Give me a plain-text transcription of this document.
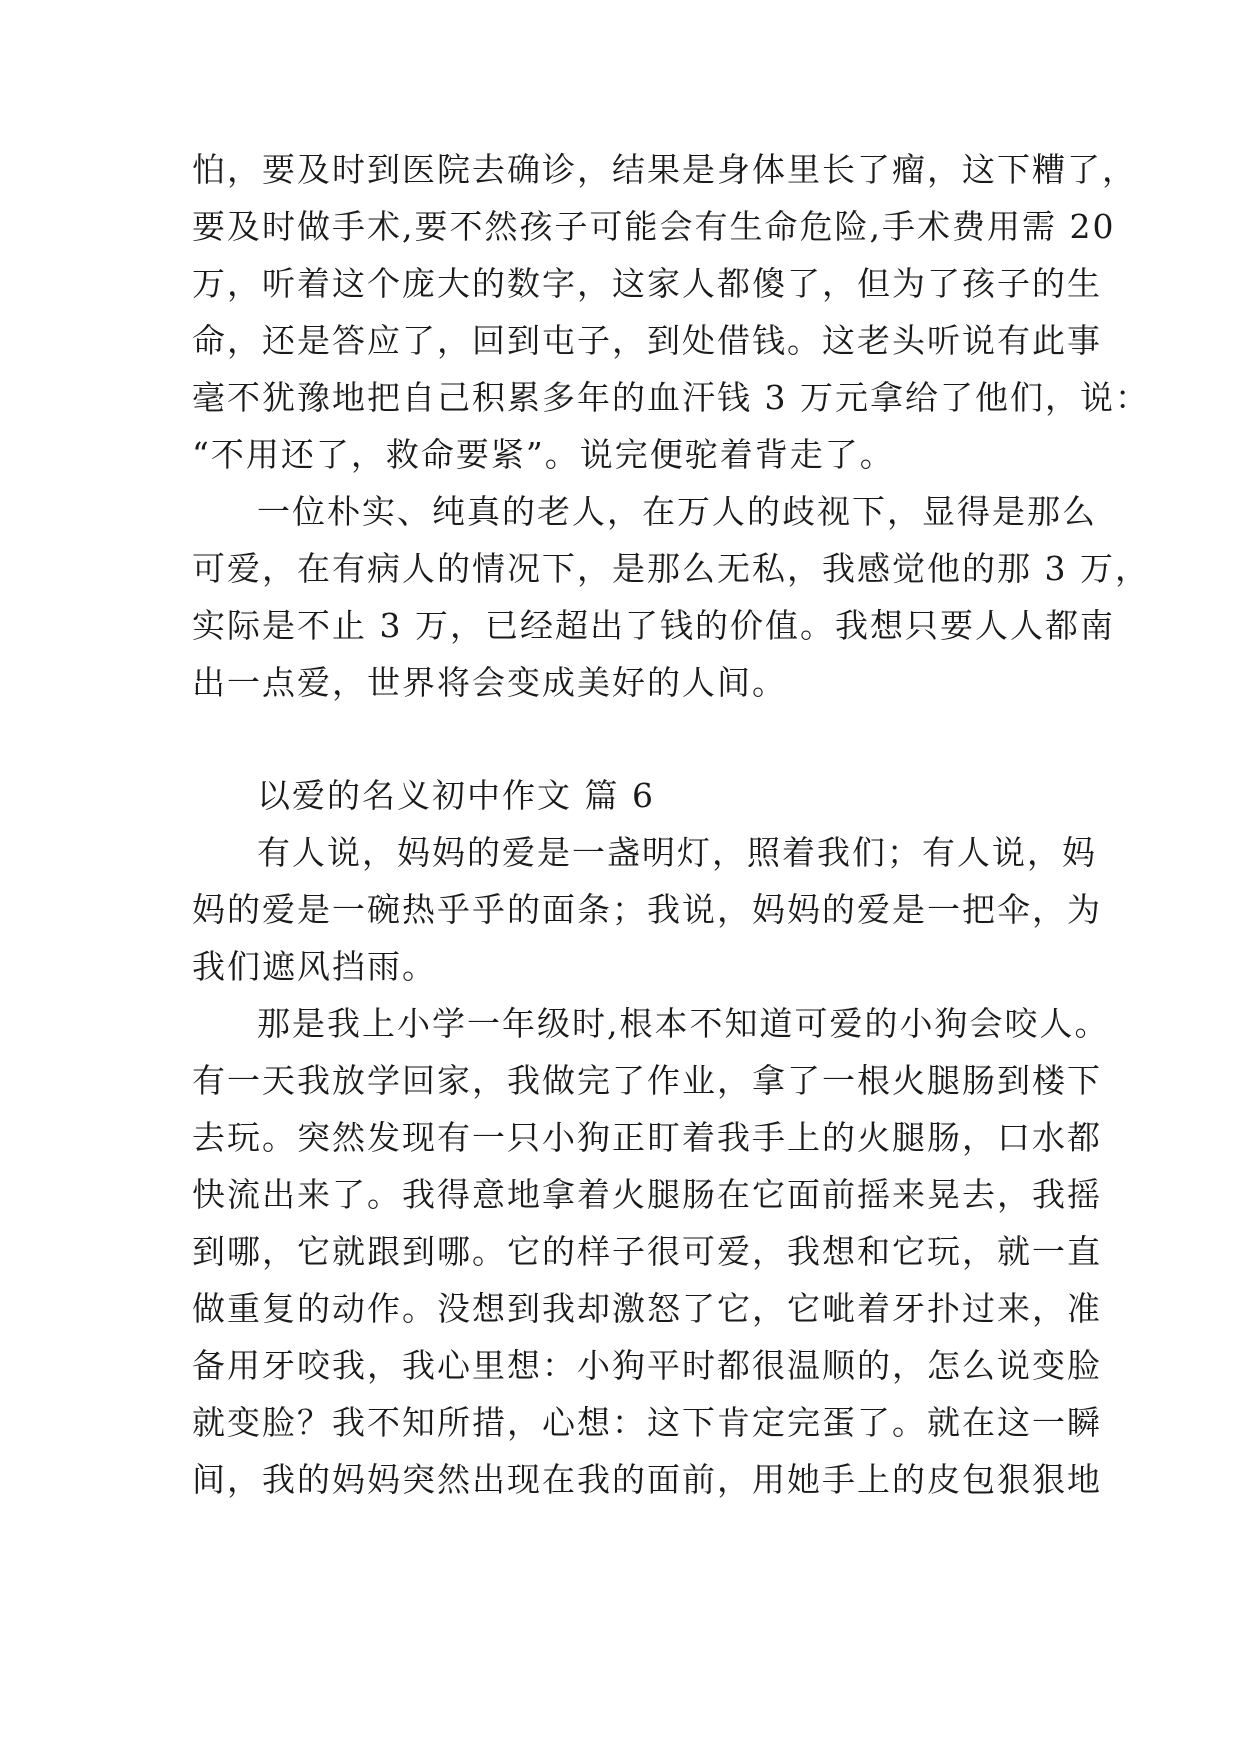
怕，要及时到医院去确诊，结果是身体里长了瘤，这下糟了，
要及时做手术,要不然孩子可能会有生命危险,手术费用需 20
万，听着这个庞大的数字，这家人都傻了，但为了孩子的生
命，还是答应了，回到屯子，到处借钱。这老头听说有此事
毫不犹豫地把自己积累多年的血汗钱 3 万元拿给了他们，说：
“不用还了，救命要紧”。说完便驼着背走了。
一位朴实、纯真的老人，在万人的歧视下，显得是那么
可爱，在有病人的情况下，是那么无私，我感觉他的那 3 万，
实际是不止 3 万，已经超出了钱的价值。我想只要人人都南
出一点爱，世界将会变成美好的人间。
以爱的名义初中作文 篇 6
有人说，妈妈的爱是一盏明灯，照着我们；有人说，妈
妈的爱是一碗热乎乎的面条；我说，妈妈的爱是一把伞，为
我们遮风挡雨。
那是我上小学一年级时,根本不知道可爱的小狗会咬人。
有一天我放学回家，我做完了作业，拿了一根火腿肠到楼下
去玩。突然发现有一只小狗正盯着我手上的火腿肠，口水都
快流出来了。我得意地拿着火腿肠在它面前摇来晃去，我摇
到哪，它就跟到哪。它的样子很可爱，我想和它玩，就一直
做重复的动作。没想到我却激怒了它，它呲着牙扑过来，准
备用牙咬我，我心里想：小狗平时都很温顺的，怎么说变脸
就变脸？我不知所措，心想：这下肯定完蛋了。就在这一瞬
间，我的妈妈突然出现在我的面前，用她手上的皮包狠狠地
